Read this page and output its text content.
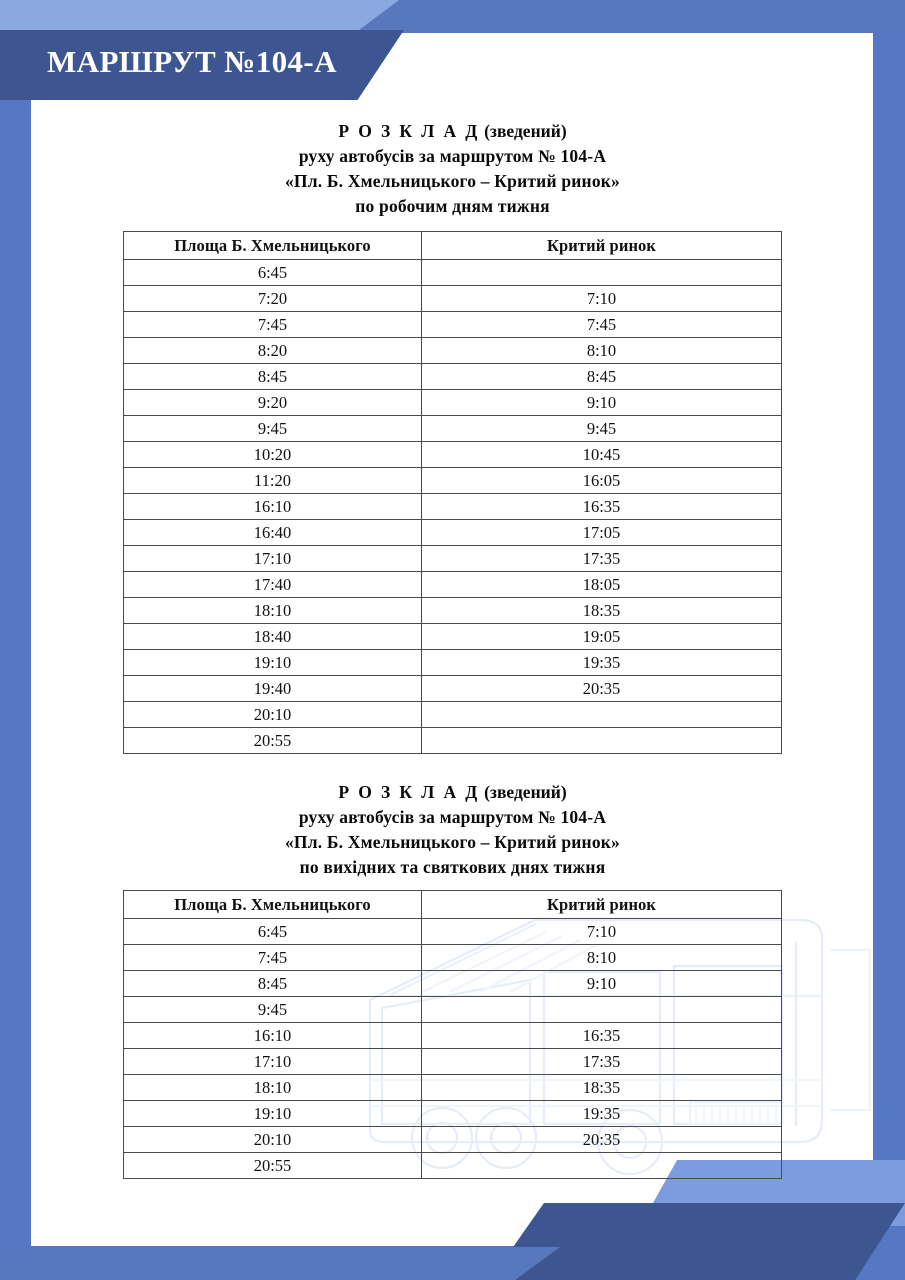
МАРШРУТ №104-А
Р О З К Л А Д (зведений)
руху автобусів за маршрутом № 104-А
«Пл. Б. Хмельницького – Критий ринок»
по робочим дням тижня
Площа Б. Хмельницького	Критий ринок
6:45	
7:20	7:10
7:45	7:45
8:20	8:10
8:45	8:45
9:20	9:10
9:45	9:45
10:20	10:45
11:20	16:05
16:10	16:35
16:40	17:05
17:10	17:35
17:40	18:05
18:10	18:35
18:40	19:05
19:10	19:35
19:40	20:35
20:10	
20:55	
Р О З К Л А Д (зведений)
руху автобусів за маршрутом № 104-А
«Пл. Б. Хмельницького – Критий ринок»
по вихідних та святкових днях тижня
Площа Б. Хмельницького	Критий ринок
6:45	7:10
7:45	8:10
8:45	9:10
9:45	
16:10	16:35
17:10	17:35
18:10	18:35
19:10	19:35
20:10	20:35
20:55	
